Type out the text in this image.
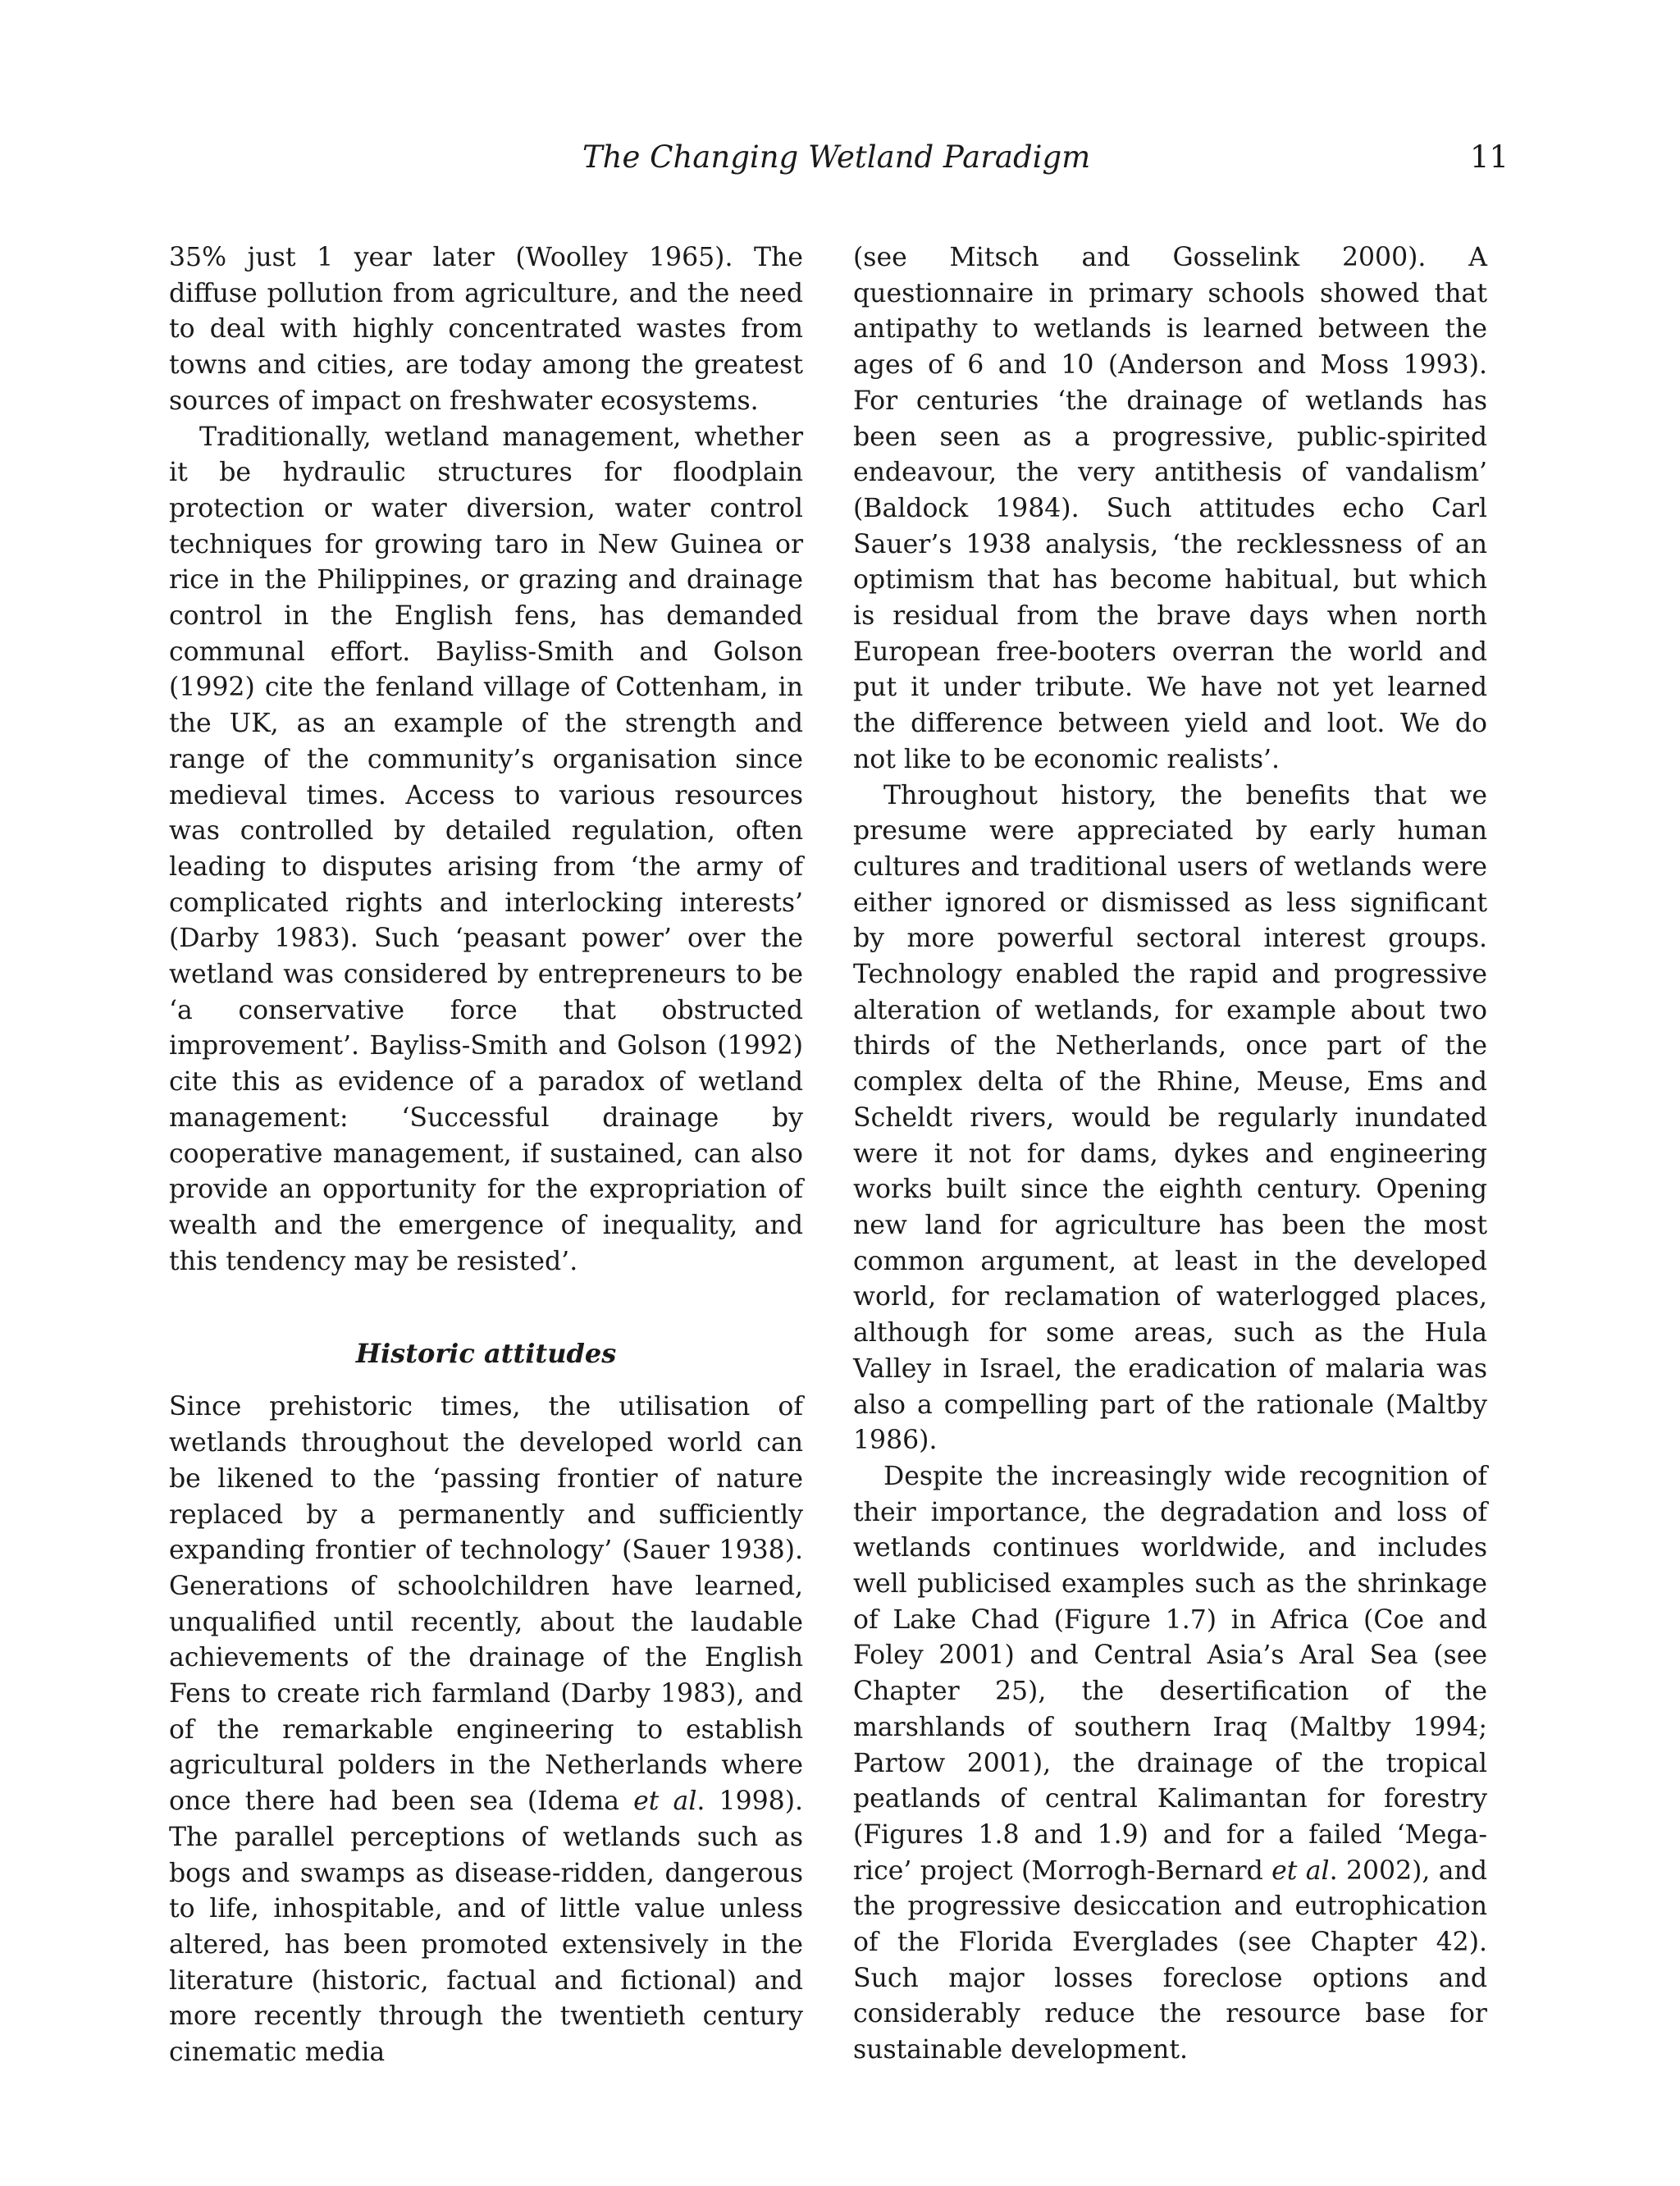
The Changing Wetland Paradigm	11

35% just 1 year later (Woolley 1965). The diffuse pollution from agriculture, and the need to deal with highly concentrated wastes from towns and cities, are today among the greatest sources of impact on freshwater ecosystems.

Traditionally, wetland management, whether it be hydraulic structures for floodplain protection or water diversion, water control techniques for growing taro in New Guinea or rice in the Philippines, or grazing and drainage control in the English fens, has demanded communal effort. Bayliss-Smith and Golson (1992) cite the fenland village of Cottenham, in the UK, as an example of the strength and range of the community’s organisation since medieval times. Access to various resources was controlled by detailed regulation, often leading to disputes arising from ‘the army of complicated rights and interlocking interests’ (Darby 1983). Such ‘peasant power’ over the wetland was considered by entrepreneurs to be ‘a conservative force that obstructed improvement’. Bayliss-Smith and Golson (1992) cite this as evidence of a paradox of wetland management: ‘Successful drainage by cooperative management, if sustained, can also provide an opportunity for the expropriation of wealth and the emergence of inequality, and this tendency may be resisted’.

Historic attitudes

Since prehistoric times, the utilisation of wetlands throughout the developed world can be likened to the ‘passing frontier of nature replaced by a permanently and sufficiently expanding frontier of technology’ (Sauer 1938). Generations of schoolchildren have learned, unqualified until recently, about the laudable achievements of the drainage of the English Fens to create rich farmland (Darby 1983), and of the remarkable engineering to establish agricultural polders in the Netherlands where once there had been sea (Idema et al. 1998). The parallel perceptions of wetlands such as bogs and swamps as disease-ridden, dangerous to life, inhospitable, and of little value unless altered, has been promoted extensively in the literature (historic, factual and fictional) and more recently through the twentieth century cinematic media

(see Mitsch and Gosselink 2000). A questionnaire in primary schools showed that antipathy to wetlands is learned between the ages of 6 and 10 (Anderson and Moss 1993). For centuries ‘the drainage of wetlands has been seen as a progressive, public-spirited endeavour, the very antithesis of vandalism’ (Baldock 1984). Such attitudes echo Carl Sauer’s 1938 analysis, ‘the recklessness of an optimism that has become habitual, but which is residual from the brave days when north European free-booters overran the world and put it under tribute. We have not yet learned the difference between yield and loot. We do not like to be economic realists’.

Throughout history, the benefits that we presume were appreciated by early human cultures and traditional users of wetlands were either ignored or dismissed as less significant by more powerful sectoral interest groups. Technology enabled the rapid and progressive alteration of wetlands, for example about two thirds of the Netherlands, once part of the complex delta of the Rhine, Meuse, Ems and Scheldt rivers, would be regularly inundated were it not for dams, dykes and engineering works built since the eighth century. Opening new land for agriculture has been the most common argument, at least in the developed world, for reclamation of waterlogged places, although for some areas, such as the Hula Valley in Israel, the eradication of malaria was also a compelling part of the rationale (Maltby 1986).

Despite the increasingly wide recognition of their importance, the degradation and loss of wetlands continues worldwide, and includes well publicised examples such as the shrinkage of Lake Chad (Figure 1.7) in Africa (Coe and Foley 2001) and Central Asia’s Aral Sea (see Chapter 25), the desertification of the marshlands of southern Iraq (Maltby 1994; Partow 2001), the drainage of the tropical peatlands of central Kalimantan for forestry (Figures 1.8 and 1.9) and for a failed ‘Mega-rice’ project (Morrogh-Bernard et al. 2002), and the progressive desiccation and eutrophication of the Florida Everglades (see Chapter 42). Such major losses foreclose options and considerably reduce the resource base for sustainable development.
